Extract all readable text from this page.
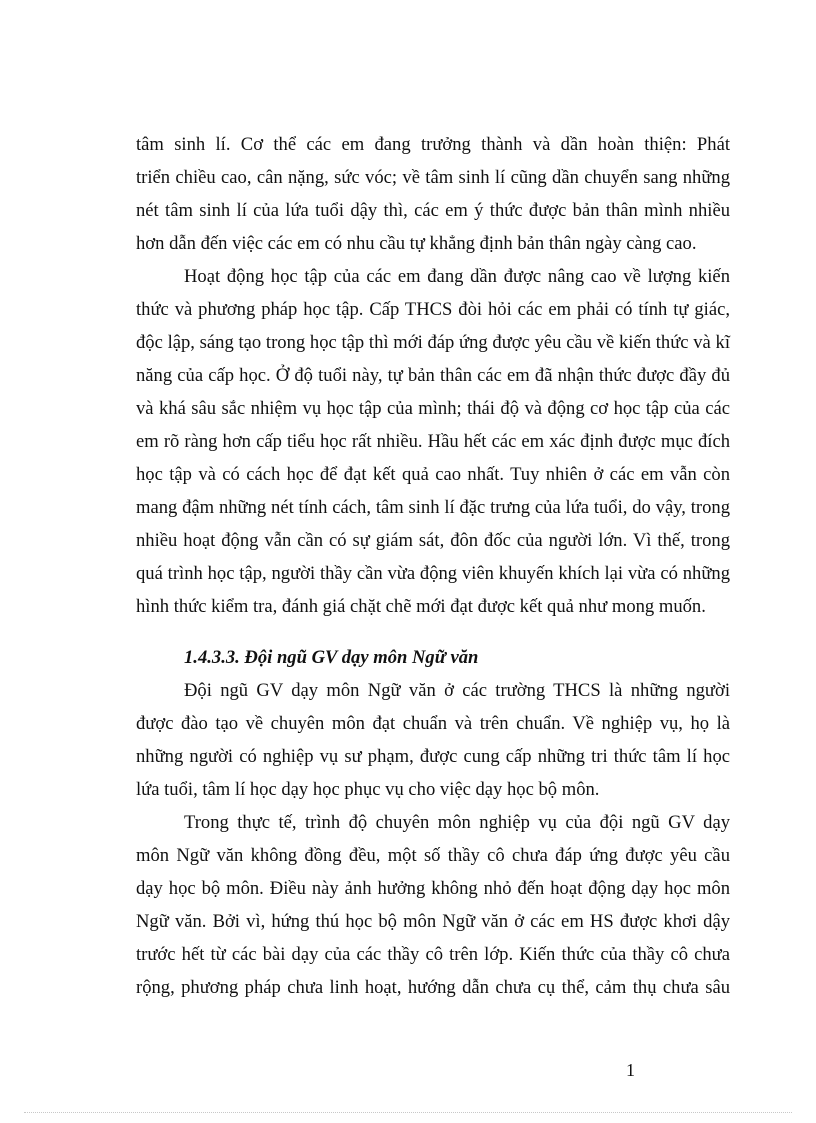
tâm sinh lí. Cơ thể các em đang trưởng thành và dần hoàn thiện: Phát
triển chiều cao, cân nặng, sức vóc; về tâm sinh lí cũng dần chuyển sang những
nét tâm sinh lí của lứa tuổi dậy thì, các em ý thức được bản thân mình nhiều
hơn dẫn đến việc các em có nhu cầu tự khẳng định bản thân ngày càng cao.

Hoạt động học tập của các em đang dần được nâng cao về lượng kiến
thức và phương pháp học tập. Cấp THCS đòi hỏi các em phải có tính tự giác,
độc lập, sáng tạo trong học tập thì mới đáp ứng được yêu cầu về kiến thức và kĩ
năng của cấp học. Ở độ tuổi này, tự bản thân các em đã nhận thức được đầy đủ
và khá sâu sắc nhiệm vụ học tập của mình; thái độ và động cơ học tập của các
em rõ ràng hơn cấp tiểu học rất nhiều. Hầu hết các em xác định được mục đích
học tập và có cách học để đạt kết quả cao nhất. Tuy nhiên ở các em vẫn còn
mang đậm những nét tính cách, tâm sinh lí đặc trưng của lứa tuổi, do vậy, trong
nhiều hoạt động vẫn cần có sự giám sát, đôn đốc của người lớn. Vì thế, trong
quá trình học tập, người thầy cần vừa động viên khuyến khích lại vừa có những
hình thức kiểm tra, đánh giá chặt chẽ mới đạt được kết quả như mong muốn.

1.4.3.3. Đội ngũ GV dạy môn Ngữ văn

Đội ngũ GV dạy môn Ngữ văn ở các trường THCS là những người
được đào tạo về chuyên môn đạt chuẩn và trên chuẩn. Về nghiệp vụ, họ là
những người có nghiệp vụ sư phạm, được cung cấp những tri thức tâm lí học
lứa tuổi, tâm lí học dạy học phục vụ cho việc dạy học bộ môn.

Trong thực tế, trình độ chuyên môn nghiệp vụ của đội ngũ GV dạy
môn Ngữ văn không đồng đều, một số thầy cô chưa đáp ứng được yêu cầu
dạy học bộ môn. Điều này ảnh hưởng không nhỏ đến hoạt động dạy học môn
Ngữ văn. Bởi vì, hứng thú học bộ môn Ngữ văn ở các em HS được khơi dậy
trước hết từ các bài dạy của các thầy cô trên lớp. Kiến thức của thầy cô chưa
rộng, phương pháp chưa linh hoạt, hướng dẫn chưa cụ thể, cảm thụ chưa sâu

1
